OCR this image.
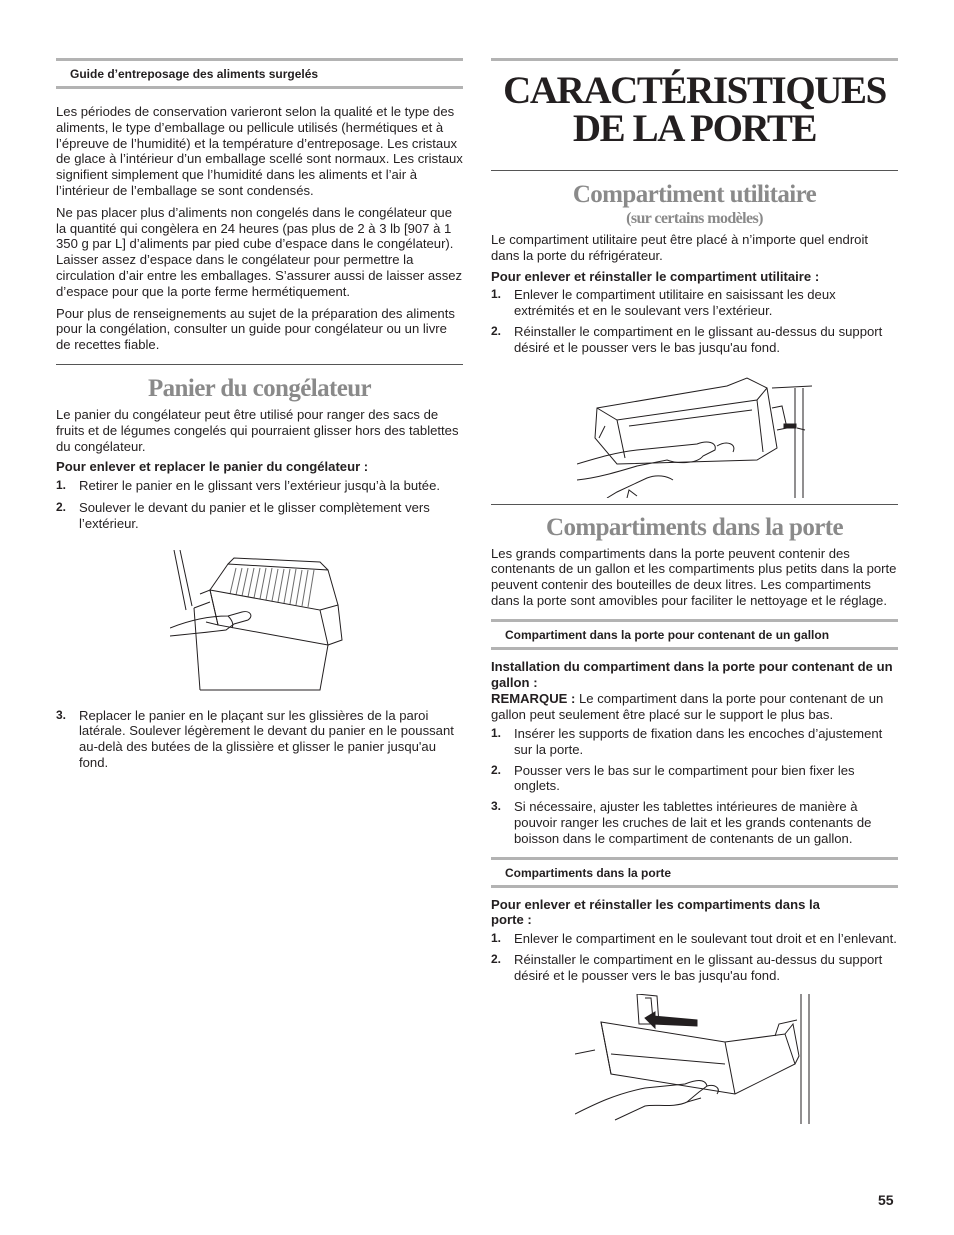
Guide d’entreposage des aliments surgelés

Les périodes de conservation varieront selon la qualité et le type des aliments, le type d’emballage ou pellicule utilisés (hermétiques et à l’épreuve de l’humidité) et la température d’entreposage. Les cristaux de glace à l’intérieur d’un emballage scellé sont normaux. Les cristaux signifient simplement que l’humidité dans les aliments et l’air à l’intérieur de l’emballage se sont condensés.

Ne pas placer plus d’aliments non congelés dans le congélateur que la quantité qui congèlera en 24 heures (pas plus de 2 à 3 lb [907 à 1 350 g par L] d’aliments par pied cube d’espace dans le congélateur). Laisser assez d’espace dans le congélateur pour permettre la circulation d’air entre les emballages. S’assurer aussi de laisser assez d’espace pour que la porte ferme hermétiquement.

Pour plus de renseignements au sujet de la préparation des aliments pour la congélation, consulter un guide pour congélateur ou un livre de recettes fiable.

Panier du congélateur

Le panier du congélateur peut être utilisé pour ranger des sacs de fruits et de légumes congelés qui pourraient glisser hors des tablettes du congélateur.

Pour enlever et replacer le panier du congélateur :

1. Retirer le panier en le glissant vers l’extérieur jusqu’à la butée.
2. Soulever le devant du panier et le glisser complètement vers l’extérieur.
3. Replacer le panier en le plaçant sur les glissières de la paroi latérale. Soulever légèrement le devant du panier en le poussant au-delà des butées de la glissière et glisser le panier jusqu'au fond.
CARACTÉRISTIQUES
DE LA PORTE
Compartiment utilitaire
(sur certains modèles)

Le compartiment utilitaire peut être placé à n’importe quel endroit dans la porte du réfrigérateur.

Pour enlever et réinstaller le compartiment utilitaire :

1. Enlever le compartiment utilitaire en saisissant les deux extrémités et en le soulevant vers l’extérieur.
2. Réinstaller le compartiment en le glissant au-dessus du support désiré et le pousser vers le bas jusqu'au fond.
Compartiments dans la porte

Les grands compartiments dans la porte peuvent contenir des contenants de un gallon et les compartiments plus petits dans la porte peuvent contenir des bouteilles de deux litres. Les compartiments dans la porte sont amovibles pour faciliter le nettoyage et le réglage.

Compartiment dans la porte pour contenant de un gallon

Installation du compartiment dans la porte pour contenant de un gallon :

REMARQUE : Le compartiment dans la porte pour contenant de un gallon peut seulement être placé sur le support le plus bas.

1. Insérer les supports de fixation dans les encoches d’ajustement sur la porte.
2. Pousser vers le bas sur le compartiment pour bien fixer les onglets.
3. Si nécessaire, ajuster les tablettes intérieures de manière à pouvoir ranger les cruches de lait et les grands contenants de boisson dans le compartiment de contenants de un gallon.
Compartiments dans la porte

Pour enlever et réinstaller les compartiments dans la porte :

1. Enlever le compartiment en le soulevant tout droit et en l’enlevant.
2. Réinstaller le compartiment en le glissant au-dessus du support désiré et le pousser vers le bas jusqu'au fond.
55
